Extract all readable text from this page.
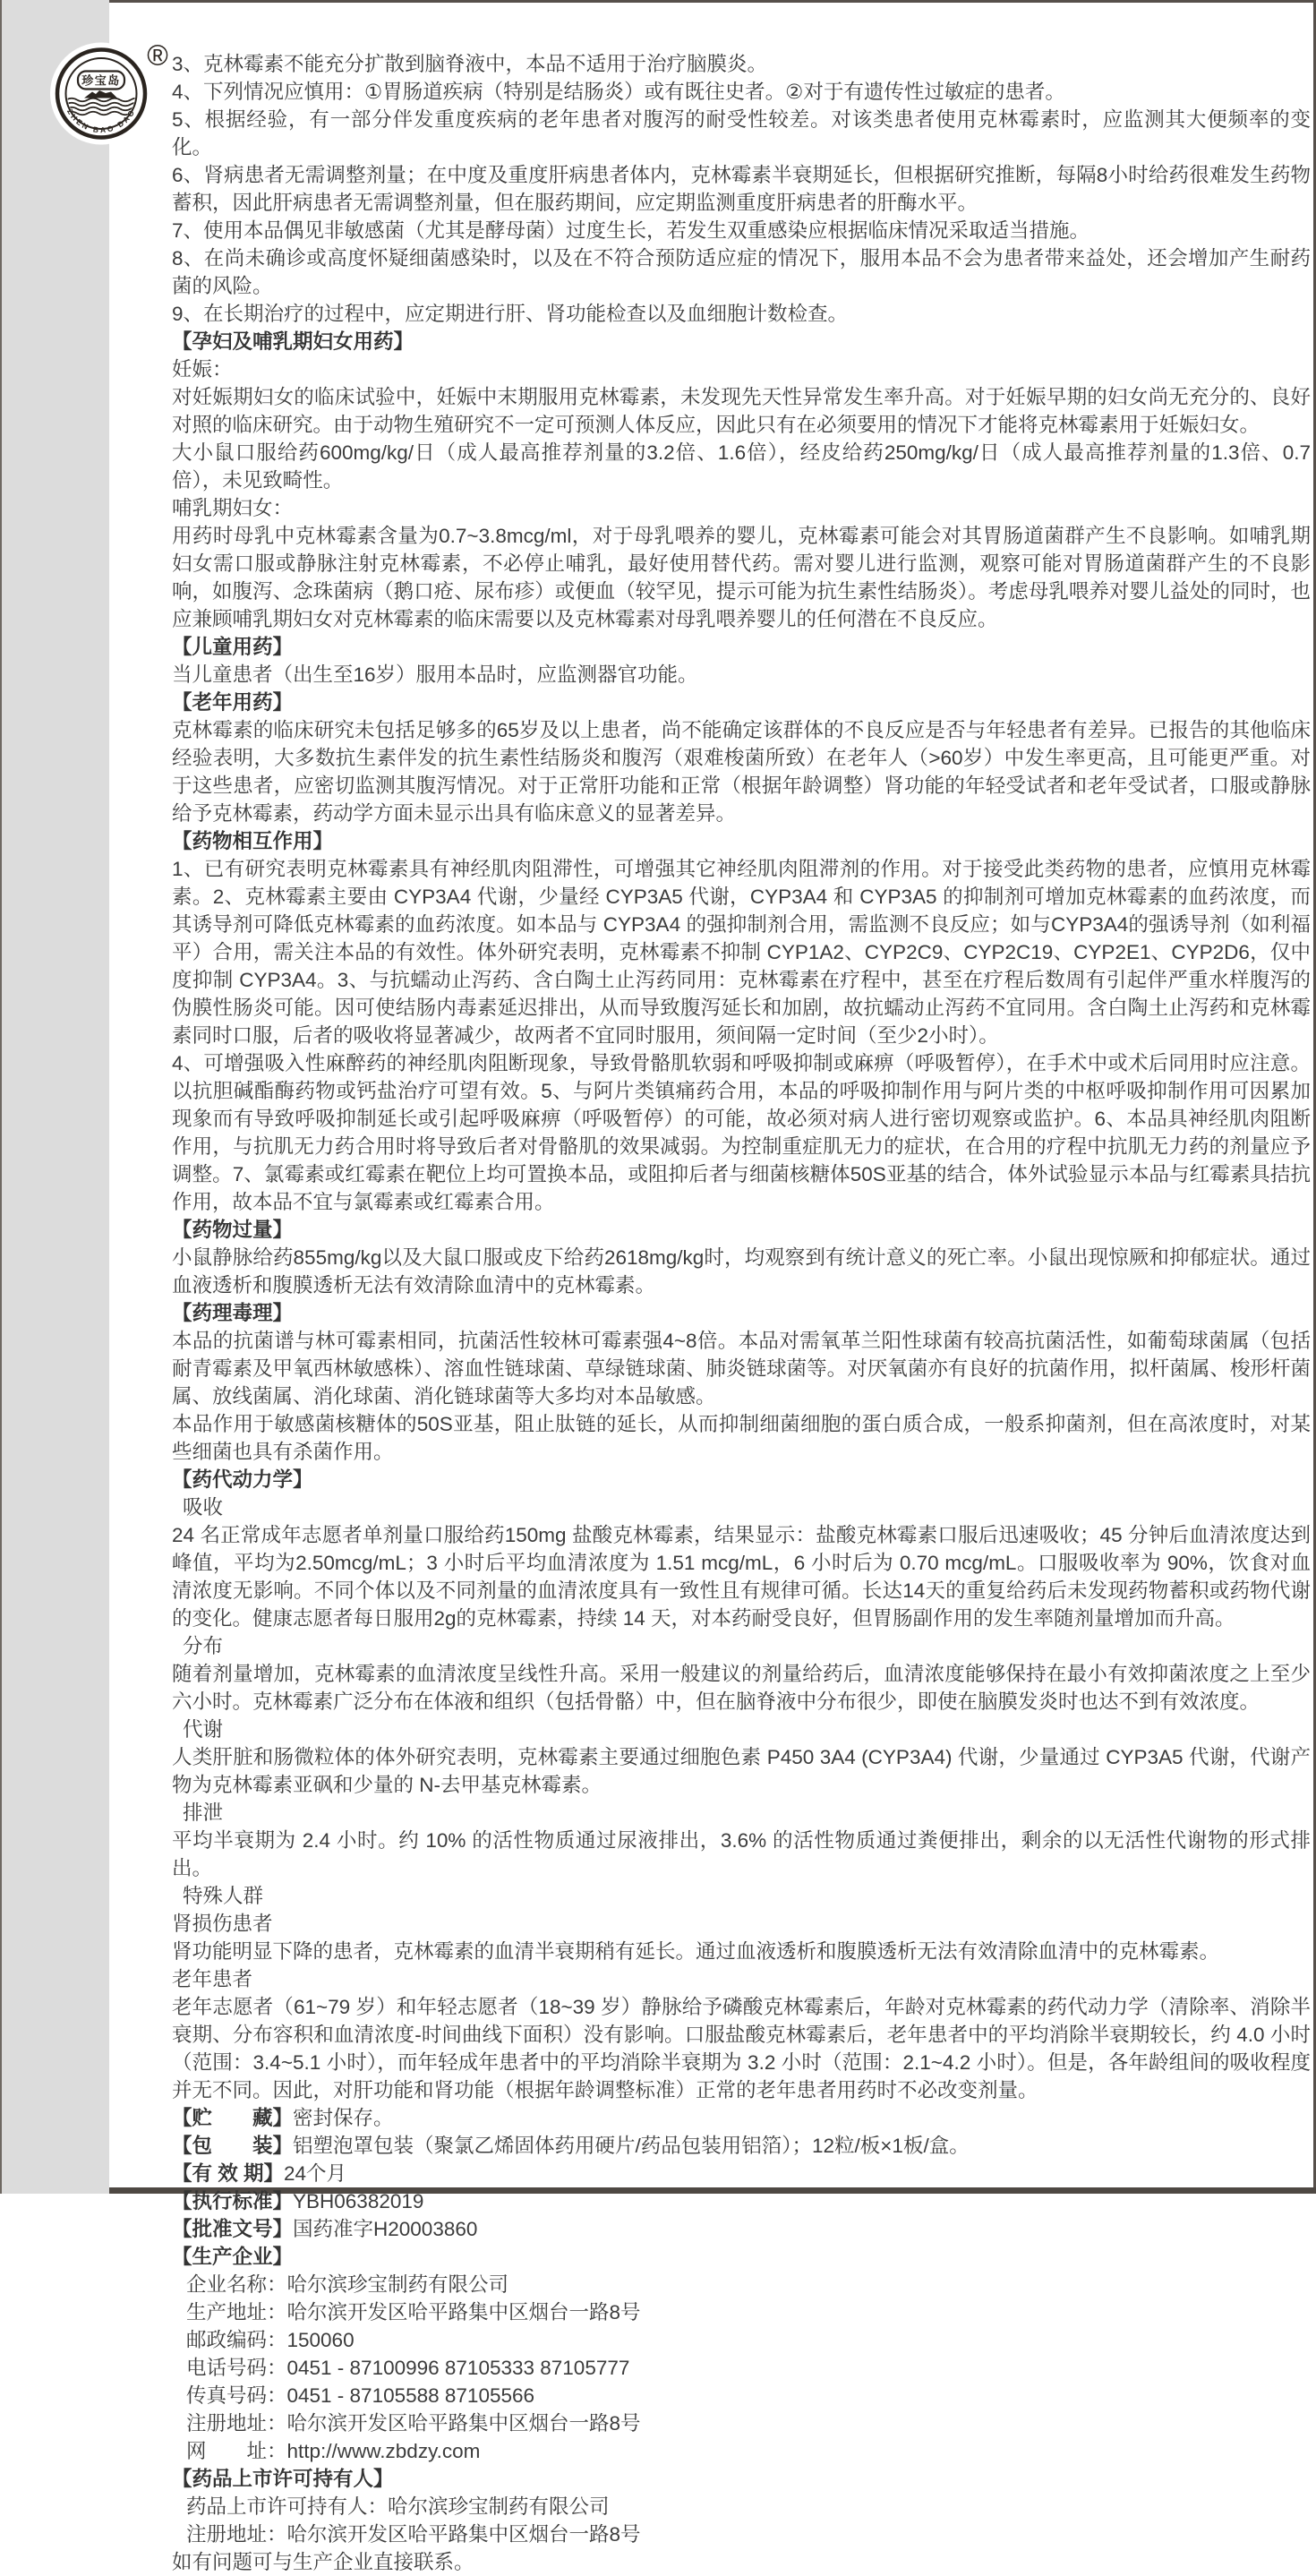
珍宝岛
ZHEN BAO DAO
® 3、克林霉素不能充分扩散到脑脊液中，本品不适用于治疗脑膜炎。

4、下列情况应慎用：①胃肠道疾病（特别是结肠炎）或有既往史者。②对于有遗传性过敏症的患者。

5、根据经验，有一部分伴发重度疾病的老年患者对腹泻的耐受性较差。对该类患者使用克林霉素时，应监测其大便频率的变化。

6、肾病患者无需调整剂量；在中度及重度肝病患者体内，克林霉素半衰期延长，但根据研究推断，每隔8小时给药很难发生药物蓄积，因此肝病患者无需调整剂量，但在服药期间，应定期监测重度肝病患者的肝酶水平。

7、使用本品偶见非敏感菌（尤其是酵母菌）过度生长，若发生双重感染应根据临床情况采取适当措施。

8、在尚未确诊或高度怀疑细菌感染时，以及在不符合预防适应症的情况下，服用本品不会为患者带来益处，还会增加产生耐药菌的风险。

9、在长期治疗的过程中，应定期进行肝、肾功能检查以及血细胞计数检查。

【孕妇及哺乳期妇女用药】

妊娠：

对妊娠期妇女的临床试验中，妊娠中末期服用克林霉素，未发现先天性异常发生率升高。对于妊娠早期的妇女尚无充分的、良好对照的临床研究。由于动物生殖研究不一定可预测人体反应，因此只有在必须要用的情况下才能将克林霉素用于妊娠妇女。

大小鼠口服给药600mg/kg/日（成人最高推荐剂量的3.2倍、1.6倍），经皮给药250mg/kg/日（成人最高推荐剂量的1.3倍、0.7倍），未见致畸性。

哺乳期妇女：

用药时母乳中克林霉素含量为0.7~3.8mcg/ml，对于母乳喂养的婴儿，克林霉素可能会对其胃肠道菌群产生不良影响。如哺乳期妇女需口服或静脉注射克林霉素，不必停止哺乳，最好使用替代药。需对婴儿进行监测，观察可能对胃肠道菌群产生的不良影响，如腹泻、念珠菌病（鹅口疮、尿布疹）或便血（较罕见，提示可能为抗生素性结肠炎）。考虑母乳喂养对婴儿益处的同时，也应兼顾哺乳期妇女对克林霉素的临床需要以及克林霉素对母乳喂养婴儿的任何潜在不良反应。

【儿童用药】

当儿童患者（出生至16岁）服用本品时，应监测器官功能。

【老年用药】

克林霉素的临床研究未包括足够多的65岁及以上患者，尚不能确定该群体的不良反应是否与年轻患者有差异。已报告的其他临床经验表明，大多数抗生素伴发的抗生素性结肠炎和腹泻（艰难梭菌所致）在老年人（>60岁）中发生率更高，且可能更严重。对于这些患者，应密切监测其腹泻情况。对于正常肝功能和正常（根据年龄调整）肾功能的年轻受试者和老年受试者，口服或静脉给予克林霉素，药动学方面未显示出具有临床意义的显著差异。

【药物相互作用】

1、已有研究表明克林霉素具有神经肌肉阻滞性，可增强其它神经肌肉阻滞剂的作用。对于接受此类药物的患者，应慎用克林霉素。2、克林霉素主要由 CYP3A4 代谢，少量经 CYP3A5 代谢，CYP3A4 和 CYP3A5 的抑制剂可增加克林霉素的血药浓度，而其诱导剂可降低克林霉素的血药浓度。如本品与 CYP3A4 的强抑制剂合用，需监测不良反应；如与CYP3A4的强诱导剂（如利福平）合用，需关注本品的有效性。体外研究表明，克林霉素不抑制 CYP1A2、CYP2C9、CYP2C19、CYP2E1、CYP2D6，仅中度抑制 CYP3A4。3、与抗蠕动止泻药、含白陶土止泻药同用：克林霉素在疗程中，甚至在疗程后数周有引起伴严重水样腹泻的伪膜性肠炎可能。因可使结肠内毒素延迟排出，从而导致腹泻延长和加剧，故抗蠕动止泻药不宜同用。含白陶土止泻药和克林霉素同时口服，后者的吸收将显著减少，故两者不宜同时服用，须间隔一定时间（至少2小时）。

4、可增强吸入性麻醉药的神经肌肉阻断现象，导致骨骼肌软弱和呼吸抑制或麻痹（呼吸暂停），在手术中或术后同用时应注意。以抗胆碱酯酶药物或钙盐治疗可望有效。5、与阿片类镇痛药合用，本品的呼吸抑制作用与阿片类的中枢呼吸抑制作用可因累加现象而有导致呼吸抑制延长或引起呼吸麻痹（呼吸暂停）的可能，故必须对病人进行密切观察或监护。6、本品具神经肌肉阻断作用，与抗肌无力药合用时将导致后者对骨骼肌的效果减弱。为控制重症肌无力的症状，在合用的疗程中抗肌无力药的剂量应予调整。7、氯霉素或红霉素在靶位上均可置换本品，或阻抑后者与细菌核糖体50S亚基的结合，体外试验显示本品与红霉素具拮抗作用，故本品不宜与氯霉素或红霉素合用。

【药物过量】

小鼠静脉给药855mg/kg以及大鼠口服或皮下给药2618mg/kg时，均观察到有统计意义的死亡率。小鼠出现惊厥和抑郁症状。通过血液透析和腹膜透析无法有效清除血清中的克林霉素。

【药理毒理】

本品的抗菌谱与林可霉素相同，抗菌活性较林可霉素强4~8倍。本品对需氧革兰阳性球菌有较高抗菌活性，如葡萄球菌属（包括耐青霉素及甲氧西林敏感株）、溶血性链球菌、草绿链球菌、肺炎链球菌等。对厌氧菌亦有良好的抗菌作用，拟杆菌属、梭形杆菌属、放线菌属、消化球菌、消化链球菌等大多均对本品敏感。

本品作用于敏感菌核糖体的50S亚基，阻止肽链的延长，从而抑制细菌细胞的蛋白质合成，一般系抑菌剂，但在高浓度时，对某些细菌也具有杀菌作用。

【药代动力学】

吸收

24 名正常成年志愿者单剂量口服给药150mg 盐酸克林霉素，结果显示：盐酸克林霉素口服后迅速吸收；45 分钟后血清浓度达到峰值，平均为2.50mcg/mL；3 小时后平均血清浓度为 1.51 mcg/mL，6 小时后为 0.70 mcg/mL。口服吸收率为 90%，饮食对血清浓度无影响。不同个体以及不同剂量的血清浓度具有一致性且有规律可循。长达14天的重复给药后未发现药物蓄积或药物代谢的变化。健康志愿者每日服用2g的克林霉素，持续 14 天，对本药耐受良好，但胃肠副作用的发生率随剂量增加而升高。

分布

随着剂量增加，克林霉素的血清浓度呈线性升高。采用一般建议的剂量给药后，血清浓度能够保持在最小有效抑菌浓度之上至少六小时。克林霉素广泛分布在体液和组织（包括骨骼）中，但在脑脊液中分布很少，即使在脑膜发炎时也达不到有效浓度。

代谢

人类肝脏和肠微粒体的体外研究表明，克林霉素主要通过细胞色素 P450 3A4 (CYP3A4) 代谢，少量通过 CYP3A5 代谢，代谢产物为克林霉素亚砜和少量的 N-去甲基克林霉素。

排泄

平均半衰期为 2.4 小时。约 10% 的活性物质通过尿液排出，3.6% 的活性物质通过粪便排出，剩余的以无活性代谢物的形式排出。

特殊人群

肾损伤患者

肾功能明显下降的患者，克林霉素的血清半衰期稍有延长。通过血液透析和腹膜透析无法有效清除血清中的克林霉素。

老年患者

老年志愿者（61~79 岁）和年轻志愿者（18~39 岁）静脉给予磷酸克林霉素后，年龄对克林霉素的药代动力学（清除率、消除半衰期、分布容积和血清浓度-时间曲线下面积）没有影响。口服盐酸克林霉素后，老年患者中的平均消除半衰期较长，约 4.0 小时（范围：3.4~5.1 小时），而年轻成年患者中的平均消除半衰期为 3.2 小时（范围：2.1~4.2 小时）。但是，各年龄组间的吸收程度并无不同。因此，对肝功能和肾功能（根据年龄调整标准）正常的老年患者用药时不必改变剂量。

【贮　　藏】密封保存。

【包　　装】铝塑泡罩包装（聚氯乙烯固体药用硬片/药品包装用铝箔）；12粒/板×1板/盒。

【有 效 期】24个月

【执行标准】YBH06382019

【批准文号】国药准字H20003860

【生产企业】

企业名称：哈尔滨珍宝制药有限公司

生产地址：哈尔滨开发区哈平路集中区烟台一路8号

邮政编码：150060

电话号码：0451 - 87100996 87105333 87105777

传真号码：0451 - 87105588 87105566

注册地址：哈尔滨开发区哈平路集中区烟台一路8号

网　　址：http://www.zbdzy.com

【药品上市许可持有人】

药品上市许可持有人：哈尔滨珍宝制药有限公司

注册地址：哈尔滨开发区哈平路集中区烟台一路8号

如有问题可与生产企业直接联系。
